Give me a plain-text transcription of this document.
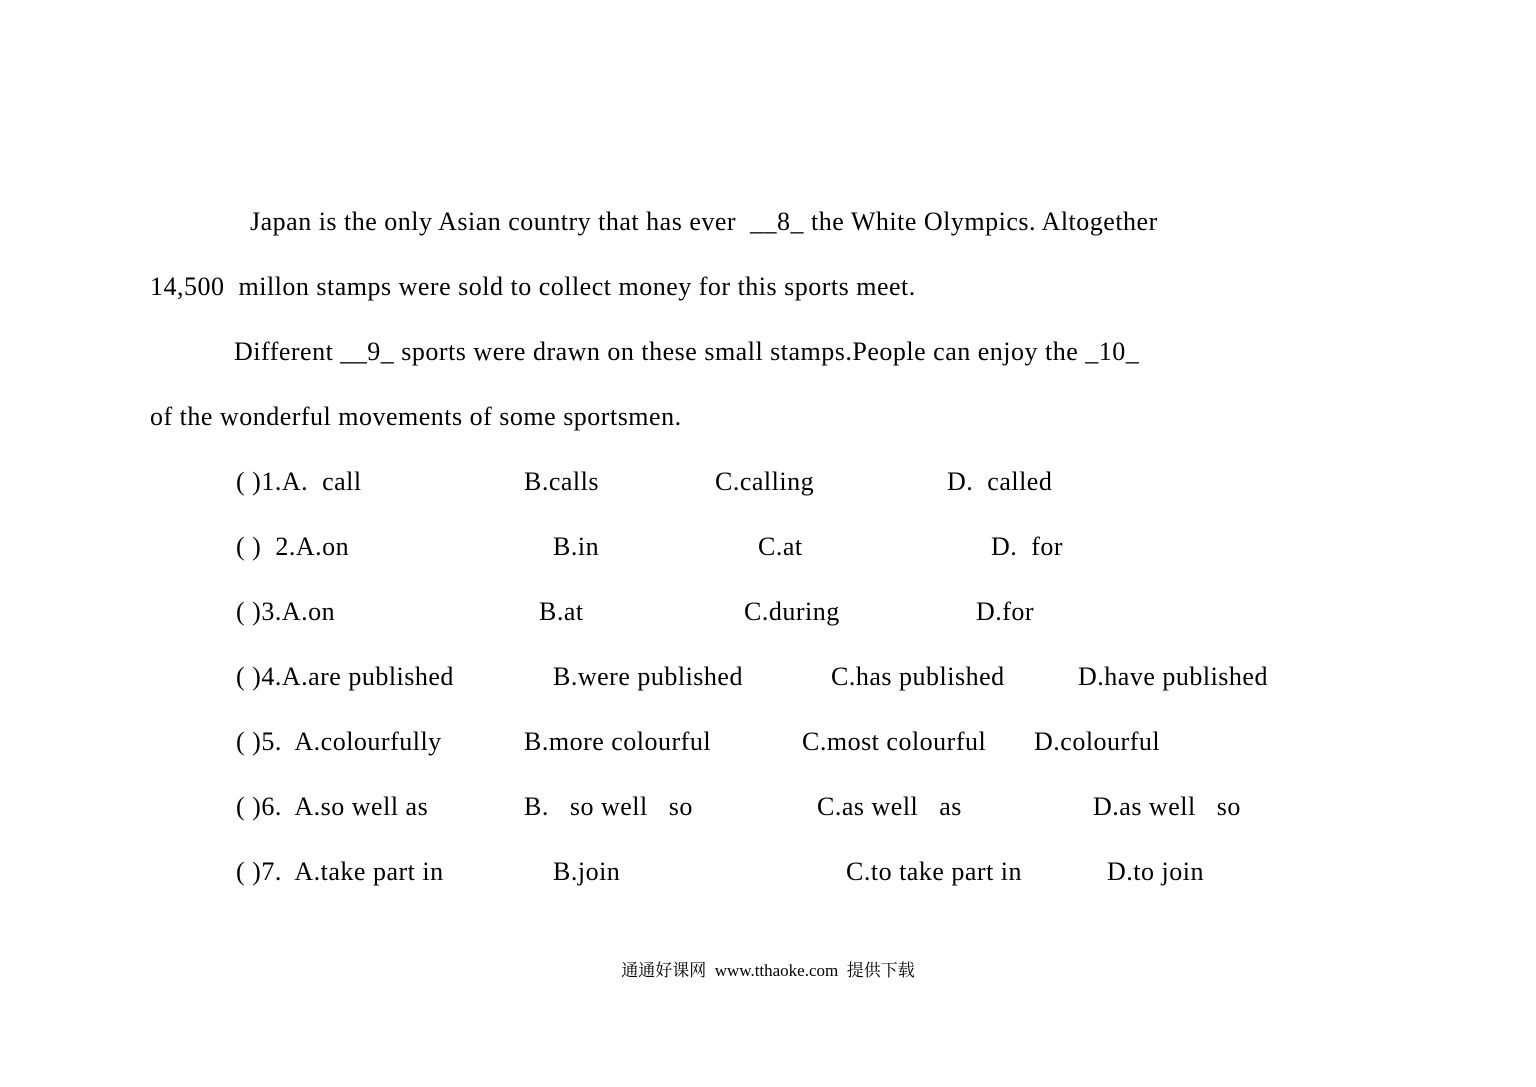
Japan is the only Asian country that has ever  __8_ the White Olympics. Altogether
14,500  millon stamps were sold to collect money for this sports meet.
Different __9_ sports were drawn on these small stamps.People can enjoy the _10_
of the wonderful movements of some sportsmen.
( )1.A.  call	B.calls	C.calling	D.  called
( )  2.A.on	B.in	C.at	D.  for
( )3.A.on	B.at	C.during	D.for
( )4.A.are published	B.were published	C.has published	D.have published
( )5.  A.colourfully	B.more colourful	C.most colourful D.colourful
( )6.  A.so well as	B.   so well   so	C.as well   as	D.as well   so
( )7.  A.take part in	B.join	C.to take part in	D.to join
通通好课网  www.tthaoke.com  提供下载
